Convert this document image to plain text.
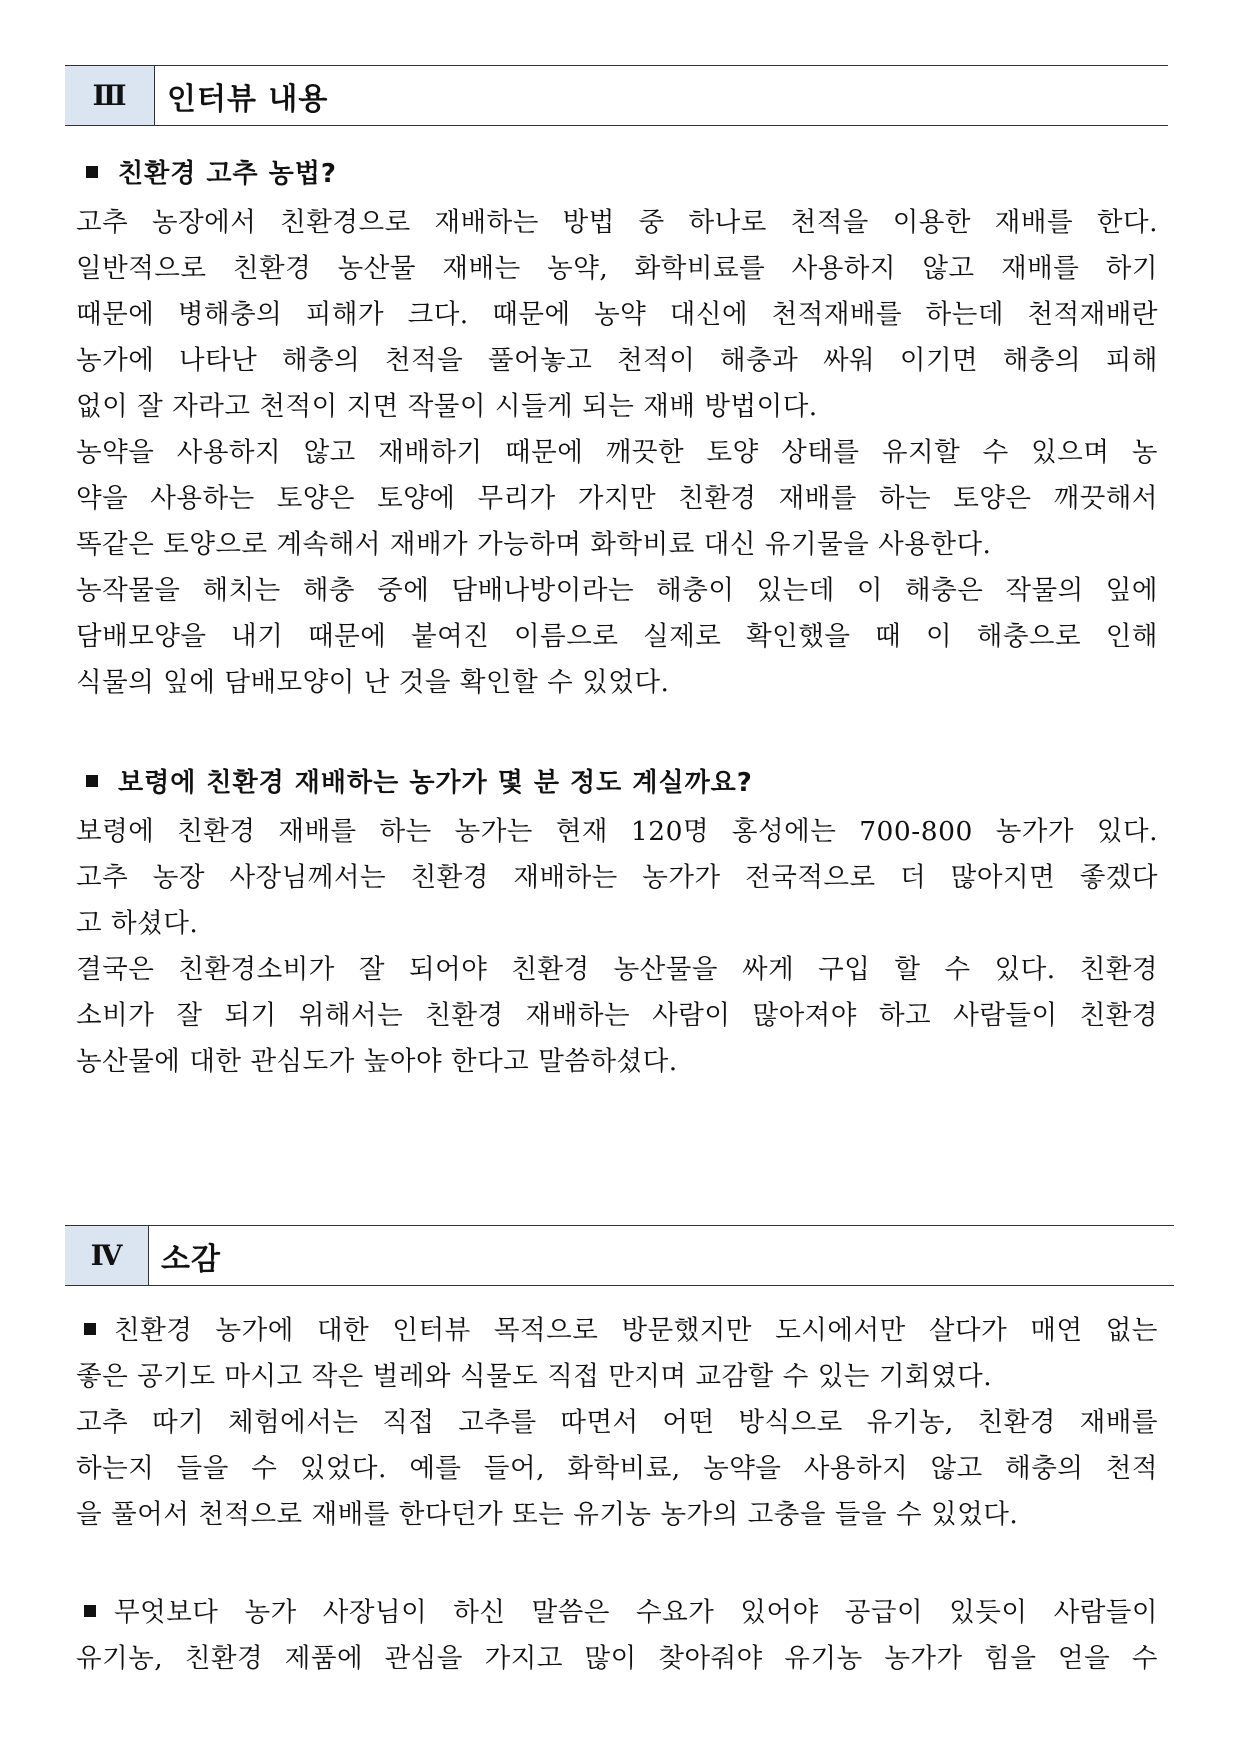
Ⅲ	인터뷰 내용
친환경 고추 농법?
고추 농장에서 친환경으로 재배하는 방법 중 하나로 천적을 이용한 재배를 한다.
일반적으로 친환경 농산물 재배는 농약, 화학비료를 사용하지 않고 재배를 하기
때문에 병해충의 피해가 크다. 때문에 농약 대신에 천적재배를 하는데 천적재배란
농가에 나타난 해충의 천적을 풀어놓고 천적이 해충과 싸워 이기면 해충의 피해
없이 잘 자라고 천적이 지면 작물이 시들게 되는 재배 방법이다.
농약을 사용하지 않고 재배하기 때문에 깨끗한 토양 상태를 유지할 수 있으며 농
약을 사용하는 토양은 토양에 무리가 가지만 친환경 재배를 하는 토양은 깨끗해서
똑같은 토양으로 계속해서 재배가 가능하며 화학비료 대신 유기물을 사용한다.
농작물을 해치는 해충 중에 담배나방이라는 해충이 있는데 이 해충은 작물의 잎에
담배모양을 내기 때문에 붙여진 이름으로 실제로 확인했을 때 이 해충으로 인해
식물의 잎에 담배모양이 난 것을 확인할 수 있었다.
보령에 친환경 재배하는 농가가 몇 분 정도 계실까요?
보령에 친환경 재배를 하는 농가는 현재 120명 홍성에는 700-800 농가가 있다.
고추 농장 사장님께서는 친환경 재배하는 농가가 전국적으로 더 많아지면 좋겠다
고 하셨다.
결국은 친환경소비가 잘 되어야 친환경 농산물을 싸게 구입 할 수 있다. 친환경
소비가 잘 되기 위해서는 친환경 재배하는 사람이 많아져야 하고 사람들이 친환경
농산물에 대한 관심도가 높아야 한다고 말씀하셨다.
Ⅳ	소감
친환경 농가에 대한 인터뷰 목적으로 방문했지만 도시에서만 살다가 매연 없는
좋은 공기도 마시고 작은 벌레와 식물도 직접 만지며 교감할 수 있는 기회였다.
고추 따기 체험에서는 직접 고추를 따면서 어떤 방식으로 유기농, 친환경 재배를
하는지 들을 수 있었다. 예를 들어, 화학비료, 농약을 사용하지 않고 해충의 천적
을 풀어서 천적으로 재배를 한다던가 또는 유기농 농가의 고충을 들을 수 있었다.
무엇보다 농가 사장님이 하신 말씀은 수요가 있어야 공급이 있듯이 사람들이
유기농, 친환경 제품에 관심을 가지고 많이 찾아줘야 유기농 농가가 힘을 얻을 수
